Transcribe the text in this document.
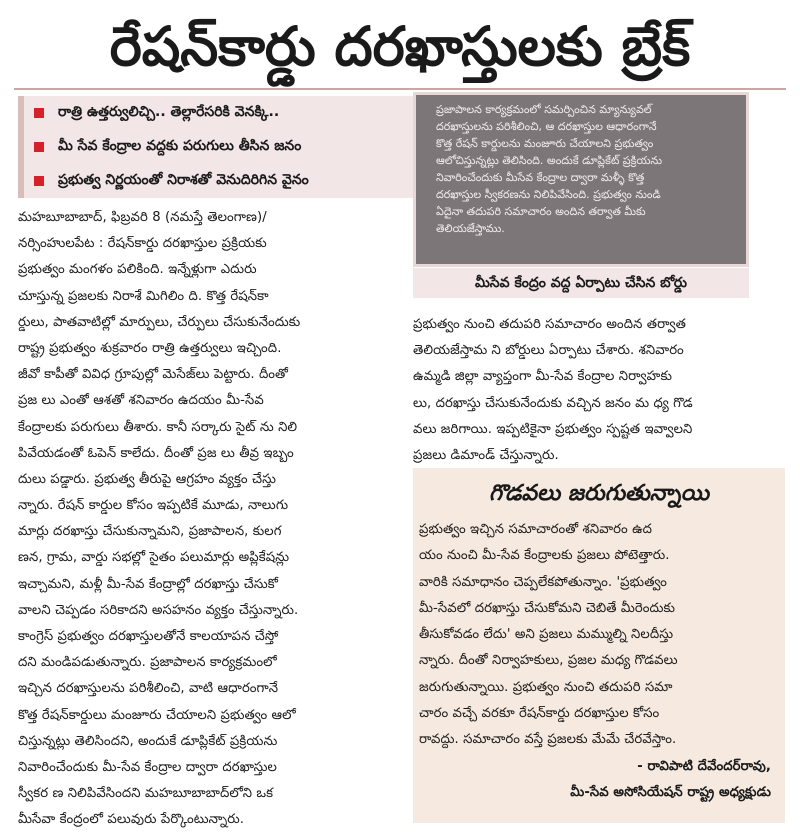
రేషన్‌కార్డు దరఖాస్తులకు బ్రేక్
రాత్రి ఉత్తర్వులిచ్చి.. తెల్లారేసరికి వెనక్కి..
మీ సేవ కేంద్రాల వద్దకు పరుగులు తీసిన జనం
ప్రభుత్వ నిర్ణయంతో నిరాశతో వెనుదిరిగిన వైనం
మహబూబాబాద్, ఫిబ్రవరి 8 (నమస్తే తెలంగాణ)/
నర్సింహులపేట : రేషన్‌కార్డు దరఖాస్తుల ప్రక్రియకు
ప్రభుత్వం మంగళం పలికింది. ఇన్నేళ్లుగా ఎదురు
చూస్తున్న ప్రజలకు నిరాశే మిగిలిం ది. కొత్త రేషన్‌కా
ర్డులు, పాతవాటిల్లో మార్పులు, చేర్పులు చేసుకునేందుకు
రాష్ట్ర ప్రభుత్వం శుక్రవారం రాత్రి ఉత్తర్వులు ఇచ్చింది.
జీవో కాపీతో వివిధ గ్రూపుల్లో మెసేజ్‌లు పెట్టారు. దీంతో
ప్రజ లు ఎంతో ఆశతో శనివారం ఉదయం మీ-సేవ
కేంద్రాలకు పరుగులు తీశారు. కానీ సర్కారు సైట్ ను నిలి
పివేయడంతో ఓపెన్ కాలేదు. దీంతో ప్రజ లు తీవ్ర ఇబ్బం
దులు పడ్డారు. ప్రభుత్వ తీరుపై ఆగ్రహం వ్యక్తం చేస్తు
న్నారు. రేషన్ కార్డుల కోసం ఇప్పటికే మూడు, నాలుగు
మార్లు దరఖాస్తు చేసుకున్నామని, ప్రజాపాలన, కులగ
ణన, గ్రామ, వార్డు సభల్లో సైతం పలుమార్లు అప్లికేషన్లు
ఇచ్చామని, మళ్లీ మీ-సేవ కేంద్రాల్లో దరఖాస్తు చేసుకో
వాలని చెప్పడం సరికాదని అసహనం వ్యక్తం చేస్తున్నారు.
కాంగ్రెస్ ప్రభుత్వం దరఖాస్తులతోనే కాలయాపన చేస్తో
దని మండిపడుతున్నారు. ప్రజాపాలన కార్యక్రమంలో
ఇచ్చిన దరఖాస్తులను పరిశీలించి, వాటి ఆధారంగానే
కొత్త రేషన్‌కార్డులు మంజూరు చేయాలని ప్రభుత్వం ఆలో
చిస్తున్నట్లు తెలిసిందని, అందుకే డూప్లికేట్ ప్రక్రియను
నివారించేందుకు మీ-సేవ కేంద్రాల ద్వారా దరఖాస్తుల
స్వీకర ణ నిలిపివేసిందని మహబూబాబాద్‌లోని ఒక
మీసేవా కేంద్రంలో పలువురు పేర్కొంటున్నారు.
ప్రజాపాలన కార్యక్రమంలో సమర్పించిన మ్యాన్యువల్
దరఖాస్తులను పరిశీలించి, ఆ దరఖాస్తుల ఆధారంగానే
కొత్త రేషన్ కార్డులను మంజూరు చేయాలని ప్రభుత్వం
ఆలోచిస్తున్నట్లు తెలిసింది. అందుకే డూప్లికేట్ ప్రక్రియను
నివారించేందుకు మీసేవ కేంద్రాల ద్వారా మళ్ళీ కొత్త
దరఖాస్తుల స్వీకరణను నిలిపివేసింది. ప్రభుత్వం నుండి
ఏదైనా తదుపరి సమాచారం అందిన తర్వాత మీకు
తెలియజేస్తాము.
మీసేవ కేంద్రం వద్ద ఏర్పాటు చేసిన బోర్డు
ప్రభుత్వం నుంచి తదుపరి సమాచారం అందిన తర్వాత
తెలియజేస్తామ ని బోర్డులు ఏర్పాటు చేశారు. శనివారం
ఉమ్మడి జిల్లా వ్యాప్తంగా మీ-సేవ కేంద్రాల నిర్వాహకు
లు, దరఖాస్తు చేసుకునేందుకు వచ్చిన జనం మ ధ్య గొడ
వలు జరిగాయి. ఇప్పటికైనా ప్రభుత్వం స్పష్టత ఇవ్వాలని
ప్రజలు డిమాండ్ చేస్తున్నారు.
గొడవలు జరుగుతున్నాయి
ప్రభుత్వం ఇచ్చిన సమాచారంతో శనివారం ఉద
యం నుంచి మీ-సేవ కేంద్రాలకు ప్రజలు పోటెత్తారు.
వారికి సమాధానం చెప్పలేకపోతున్నాం. 'ప్రభుత్వం
మీ-సేవలో దరఖాస్తు చేసుకోమని చెబితే మీరెందుకు
తీసుకోవడం లేదు' అని ప్రజలు మమ్ముల్ని నిలదీస్తు
న్నారు. దీంతో నిర్వాహకులు, ప్రజల మధ్య గొడవలు
జరుగుతున్నాయి. ప్రభుత్వం నుంచి తదుపరి సమా
చారం వచ్చే వరకూ రేషన్‌కార్డు దరఖాస్తుల కోసం
రావద్దు. సమాచారం వస్తే ప్రజలకు మేమే చేరవేస్తాం.
- రావిపాటి దేవేందర్‌రావు,
మీ-సేవ అసోసియేషన్ రాష్ట్ర అధ్యక్షుడు
